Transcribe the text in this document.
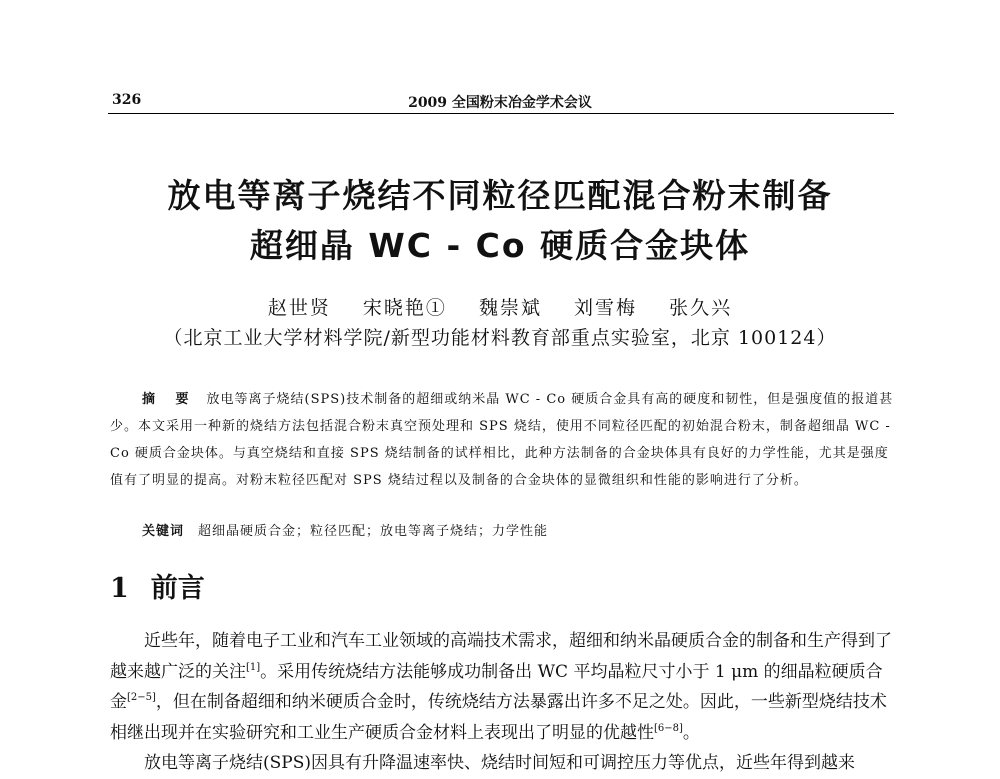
326	2009 全国粉末冶金学术会议
放电等离子烧结不同粒径匹配混合粉末制备
超细晶 WC - Co 硬质合金块体
赵世贤 宋晓艳① 魏崇斌 刘雪梅 张久兴
（北京工业大学材料学院/新型功能材料教育部重点实验室，北京 100124）
摘 要 放电等离子烧结(SPS)技术制备的超细或纳米晶 WC - Co 硬质合金具有高的硬度和韧性，但是强度值的报道甚少。本文采用一种新的烧结方法包括混合粉末真空预处理和 SPS 烧结，使用不同粒径匹配的初始混合粉末，制备超细晶 WC - Co 硬质合金块体。与真空烧结和直接 SPS 烧结制备的试样相比，此种方法制备的合金块体具有良好的力学性能，尤其是强度值有了明显的提高。对粉末粒径匹配对 SPS 烧结过程以及制备的合金块体的显微组织和性能的影响进行了分析。
关键词 超细晶硬质合金；粒径匹配；放电等离子烧结；力学性能
1 前言

近些年，随着电子工业和汽车工业领域的高端技术需求，超细和纳米晶硬质合金的制备和生产得到了越来越广泛的关注[1]。采用传统烧结方法能够成功制备出 WC 平均晶粒尺寸小于 1 μm 的细晶粒硬质合金[2−5]，但在制备超细和纳米硬质合金时，传统烧结方法暴露出许多不足之处。因此，一些新型烧结技术相继出现并在实验研究和工业生产硬质合金材料上表现出了明显的优越性[6−8]。

放电等离子烧结(SPS)因具有升降温速率快、烧结时间短和可调控压力等优点，近些年得到越来
